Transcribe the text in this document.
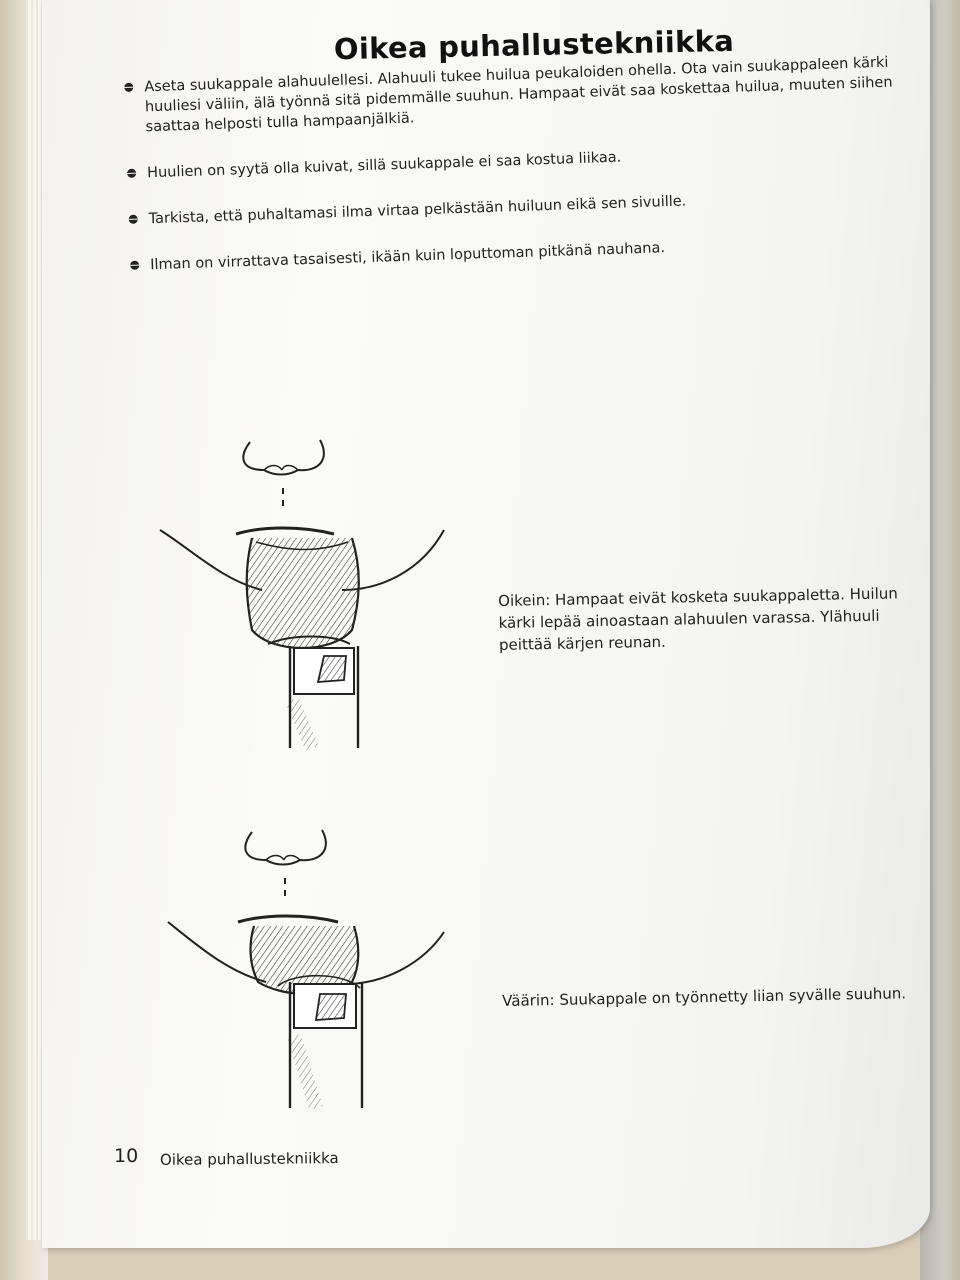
Oikea puhallustekniikka
Aseta suukappale alahuulellesi. Alahuuli tukee huilua peukaloiden ohella. Ota vain suukappaleen kärki huuliesi väliin, älä työnnä sitä pidemmälle suuhun. Hampaat eivät saa koskettaa huilua, muuten siihen saattaa helposti tulla hampaanjälkiä.
Huulien on syytä olla kuivat, sillä suukappale ei saa kostua liikaa.
Tarkista, että puhaltamasi ilma virtaa pelkästään huiluun eikä sen sivuille.
Ilman on virrattava tasaisesti, ikään kuin loputtoman pitkänä nauhana.
Oikein: Hampaat eivät kosketa suukappaletta. Huilun kärki lepää ainoastaan alahuulen varassa. Ylähuuli peittää kärjen reunan.
Väärin: Suukappale on työnnetty liian syvälle suuhun.
10 Oikea puhallustekniikka
